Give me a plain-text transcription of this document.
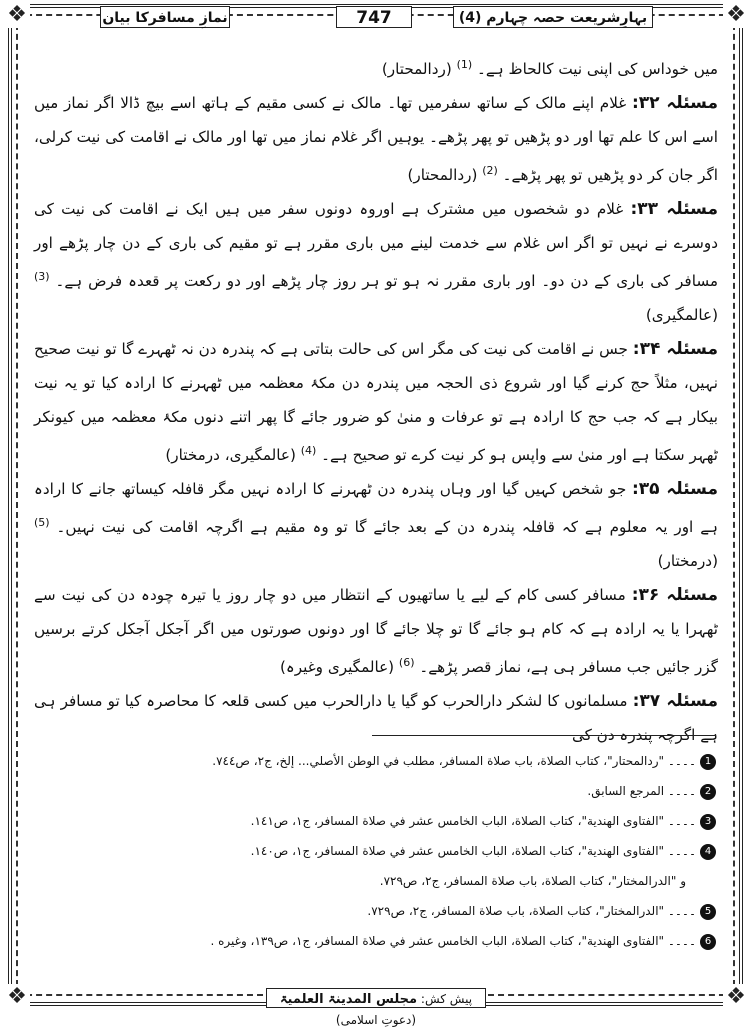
❖	❖
❖	❖
بہارِشریعت حصہ چہارم (4)
747
نمازِ مسافرکا بیان

میں خوداس کی اپنی نیت کالحاظ ہے۔ $^{(1)}$ (ردالمحتار)

مسئلہ ۳۲: غلام اپنے مالک کے ساتھ سفرمیں تھا۔ مالک نے کسی مقیم کے ہاتھ اسے بیچ ڈالا اگر نماز میں اسے اس کا علم تھا اور دو پڑھیں تو پھر پڑھے۔ یوہیں اگر غلام نماز میں تھا اور مالک نے اقامت کی نیت کرلی، اگر جان کر دو پڑھیں تو پھر پڑھے۔ $^{(2)}$ (ردالمحتار)

مسئلہ ۳۳: غلام دو شخصوں میں مشترک ہے اوروہ دونوں سفر میں ہیں ایک نے اقامت کی نیت کی دوسرے نے نہیں تو اگر اس غلام سے خدمت لینے میں باری مقرر ہے تو مقیم کی باری کے دن چار پڑھے اور مسافر کی باری کے دن دو۔ اور باری مقرر نہ ہو تو ہر روز چار پڑھے اور دو رکعت پر قعدہ فرض ہے۔ $^{(3)}$ (عالمگیری)

مسئلہ ۳۴: جس نے اقامت کی نیت کی مگر اس کی حالت بتاتی ہے کہ پندرہ دن نہ ٹھہرے گا تو نیت صحیح نہیں، مثلاً حج کرنے گیا اور شروع ذی الحجہ میں پندرہ دن مکۂ معظمہ میں ٹھہرنے کا ارادہ کیا تو یہ نیت بیکار ہے کہ جب حج کا ارادہ ہے تو عرفات و منیٰ کو ضرور جائے گا پھر اتنے دنوں مکۂ معظمہ میں کیونکر ٹھہر سکتا ہے اور منیٰ سے واپس ہو کر نیت کرے تو صحیح ہے۔ $^{(4)}$ (عالمگیری، درمختار)

مسئلہ ۳۵: جو شخص کہیں گیا اور وہاں پندرہ دن ٹھہرنے کا ارادہ نہیں مگر قافلہ کیساتھ جانے کا ارادہ ہے اور یہ معلوم ہے کہ قافلہ پندرہ دن کے بعد جائے گا تو وہ مقیم ہے اگرچہ اقامت کی نیت نہیں۔ $^{(5)}$ (درمختار)

مسئلہ ۳۶: مسافر کسی کام کے لیے یا ساتھیوں کے انتظار میں دو چار روز یا تیرہ چودہ دن کی نیت سے ٹھہرا یا یہ ارادہ ہے کہ کام ہو جائے گا تو چلا جائے گا اور دونوں صورتوں میں اگر آجکل آجکل کرتے برسیں گزر جائیں جب مسافر ہی ہے، نماز قصر پڑھے۔ $^{(6)}$ (عالمگیری وغیرہ)

مسئلہ ۳۷: مسلمانوں کا لشکر دارالحرب کو گیا یا دارالحرب میں کسی قلعہ کا محاصرہ کیا تو مسافر ہی ہے اگرچہ پندرہ دن کی

1۔۔۔۔ "ردالمحتار"، كتاب الصلاة، باب صلاة المسافر، مطلب في الوطن الأصلي... إلخ، ج٢، ص٧٤٤.
2۔۔۔۔ المرجع السابق.
3۔۔۔۔ "الفتاوى الهندية"، كتاب الصلاة، الباب الخامس عشر في صلاة المسافر، ج١، ص١٤١.
4۔۔۔۔ "الفتاوى الهندية"، كتاب الصلاة، الباب الخامس عشر في صلاة المسافر، ج١، ص١٤٠.
و "الدرالمختار"، كتاب الصلاة، باب صلاة المسافر، ج٢، ص٧٢٩.
5۔۔۔۔ "الدرالمختار"، كتاب الصلاة، باب صلاة المسافر، ج٢، ص٧٢٩.
6۔۔۔۔ "الفتاوى الهندية"، كتاب الصلاة، الباب الخامس عشر في صلاة المسافر، ج١، ص١٣٩، وغيره .
پیش کش: مجلس المدینۃ العلمیۃ (دعوتِ اسلامی)
